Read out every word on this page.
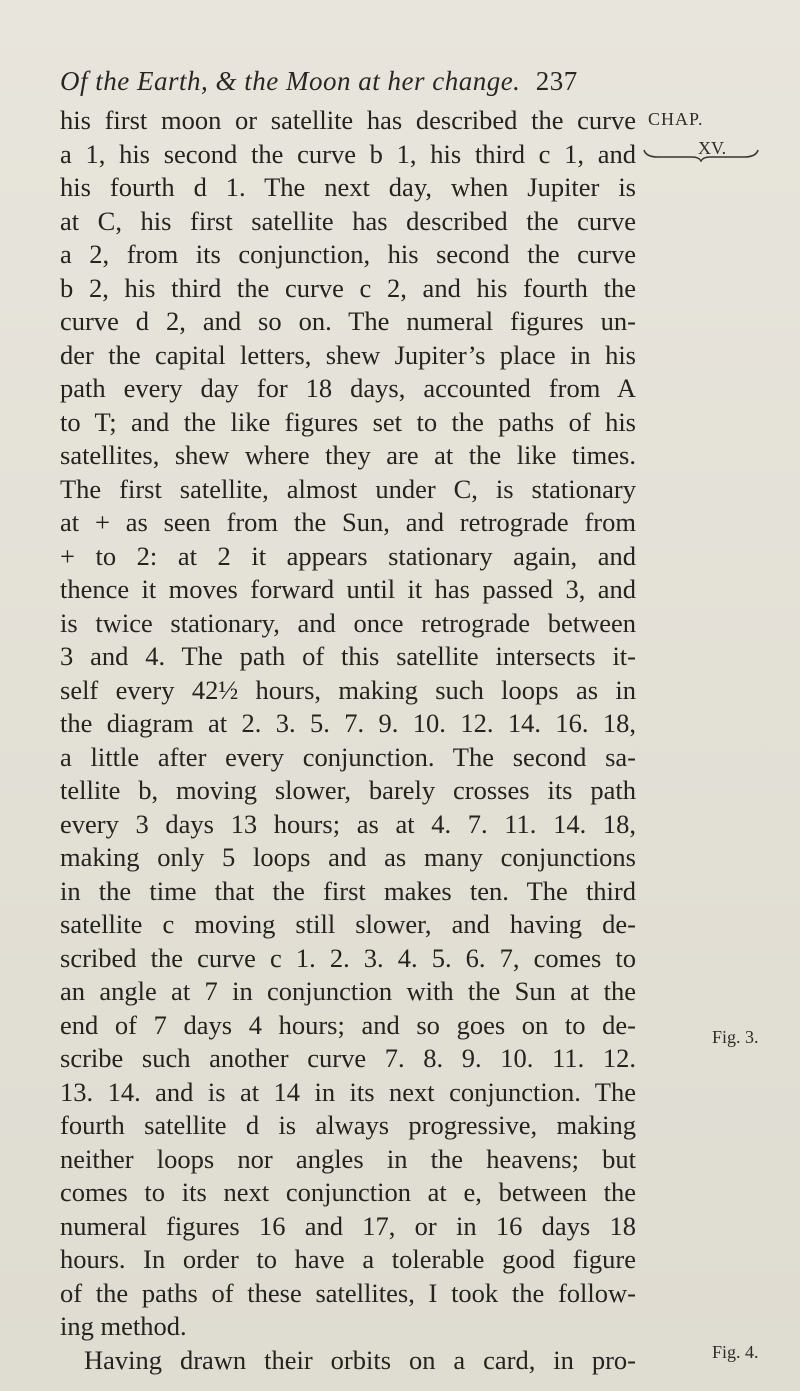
Of the Earth, & the Moon at her change. 237
CHAP.
XV.
his first moon or satellite has described the curve
a 1, his second the curve b 1, his third c 1, and
his fourth d 1. The next day, when Jupiter is
at C, his first satellite has described the curve
a 2, from its conjunction, his second the curve
b 2, his third the curve c 2, and his fourth the
curve d 2, and so on. The numeral figures un-
der the capital letters, shew Jupiter’s place in his
path every day for 18 days, accounted from A
to T; and the like figures set to the paths of his
satellites, shew where they are at the like times.
The first satellite, almost under C, is stationary
at + as seen from the Sun, and retrograde from
+ to 2: at 2 it appears stationary again, and
thence it moves forward until it has passed 3, and
is twice stationary, and once retrograde between
3 and 4. The path of this satellite intersects it-
self every 42½ hours, making such loops as in
the diagram at 2. 3. 5. 7. 9. 10. 12. 14. 16. 18,
a little after every conjunction. The second sa-
tellite b, moving slower, barely crosses its path
every 3 days 13 hours; as at 4. 7. 11. 14. 18,
making only 5 loops and as many conjunctions
in the time that the first makes ten. The third
satellite c moving still slower, and having de-
scribed the curve c 1. 2. 3. 4. 5. 6. 7, comes to
an angle at 7 in conjunction with the Sun at the
end of 7 days 4 hours; and so goes on to de-
scribe such another curve 7. 8. 9. 10. 11. 12.
13. 14. and is at 14 in its next conjunction. The
fourth satellite d is always progressive, making
neither loops nor angles in the heavens; but
comes to its next conjunction at e, between the
numeral figures 16 and 17, or in 16 days 18
hours. In order to have a tolerable good figure
of the paths of these satellites, I took the follow-
ing method.
Having drawn their orbits on a card, in pro-
Fig. 3.
Fig. 4.
